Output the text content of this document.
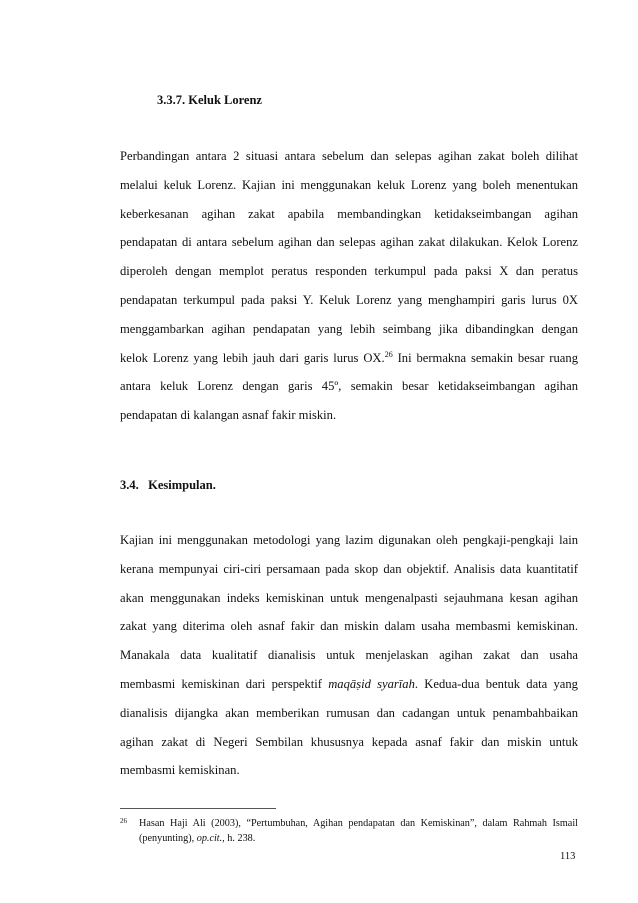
3.3.7. Keluk Lorenz
Perbandingan antara 2 situasi antara sebelum dan selepas agihan zakat boleh dilihat
melalui keluk Lorenz. Kajian ini menggunakan keluk Lorenz yang boleh menentukan
keberkesanan agihan zakat apabila membandingkan ketidakseimbangan agihan
pendapatan di antara sebelum agihan dan selepas agihan zakat dilakukan. Kelok Lorenz
diperoleh dengan memplot peratus responden terkumpul pada paksi X dan peratus
pendapatan terkumpul pada paksi Y. Keluk Lorenz yang menghampiri garis lurus 0X
menggambarkan agihan pendapatan yang lebih seimbang jika dibandingkan dengan
kelok Lorenz yang lebih jauh dari garis lurus OX.$^{26}$ Ini bermakna semakin besar ruang
antara keluk Lorenz dengan garis 45º, semakin besar ketidakseimbangan agihan
pendapatan di kalangan asnaf fakir miskin.
3.4.   Kesimpulan.
Kajian ini menggunakan metodologi yang lazim digunakan oleh pengkaji-pengkaji lain
kerana mempunyai ciri-ciri persamaan pada skop dan objektif. Analisis data kuantitatif
akan menggunakan indeks kemiskinan untuk mengenalpasti sejauhmana kesan agihan
zakat yang diterima oleh asnaf fakir dan miskin dalam usaha membasmi kemiskinan.
Manakala data kualitatif dianalisis untuk menjelaskan agihan zakat dan usaha
membasmi kemiskinan dari perspektif maqāṣid syarīah. Kedua-dua bentuk data yang
dianalisis dijangka akan memberikan rumusan dan cadangan untuk penambahbaikan
agihan zakat di Negeri Sembilan khususnya kepada asnaf fakir dan miskin untuk
membasmi kemiskinan.
26	Hasan Haji Ali (2003), “Pertumbuhan, Agihan pendapatan dan Kemiskinan”, dalam Rahmah Ismail
(penyunting), op.cit., h. 238.
113
